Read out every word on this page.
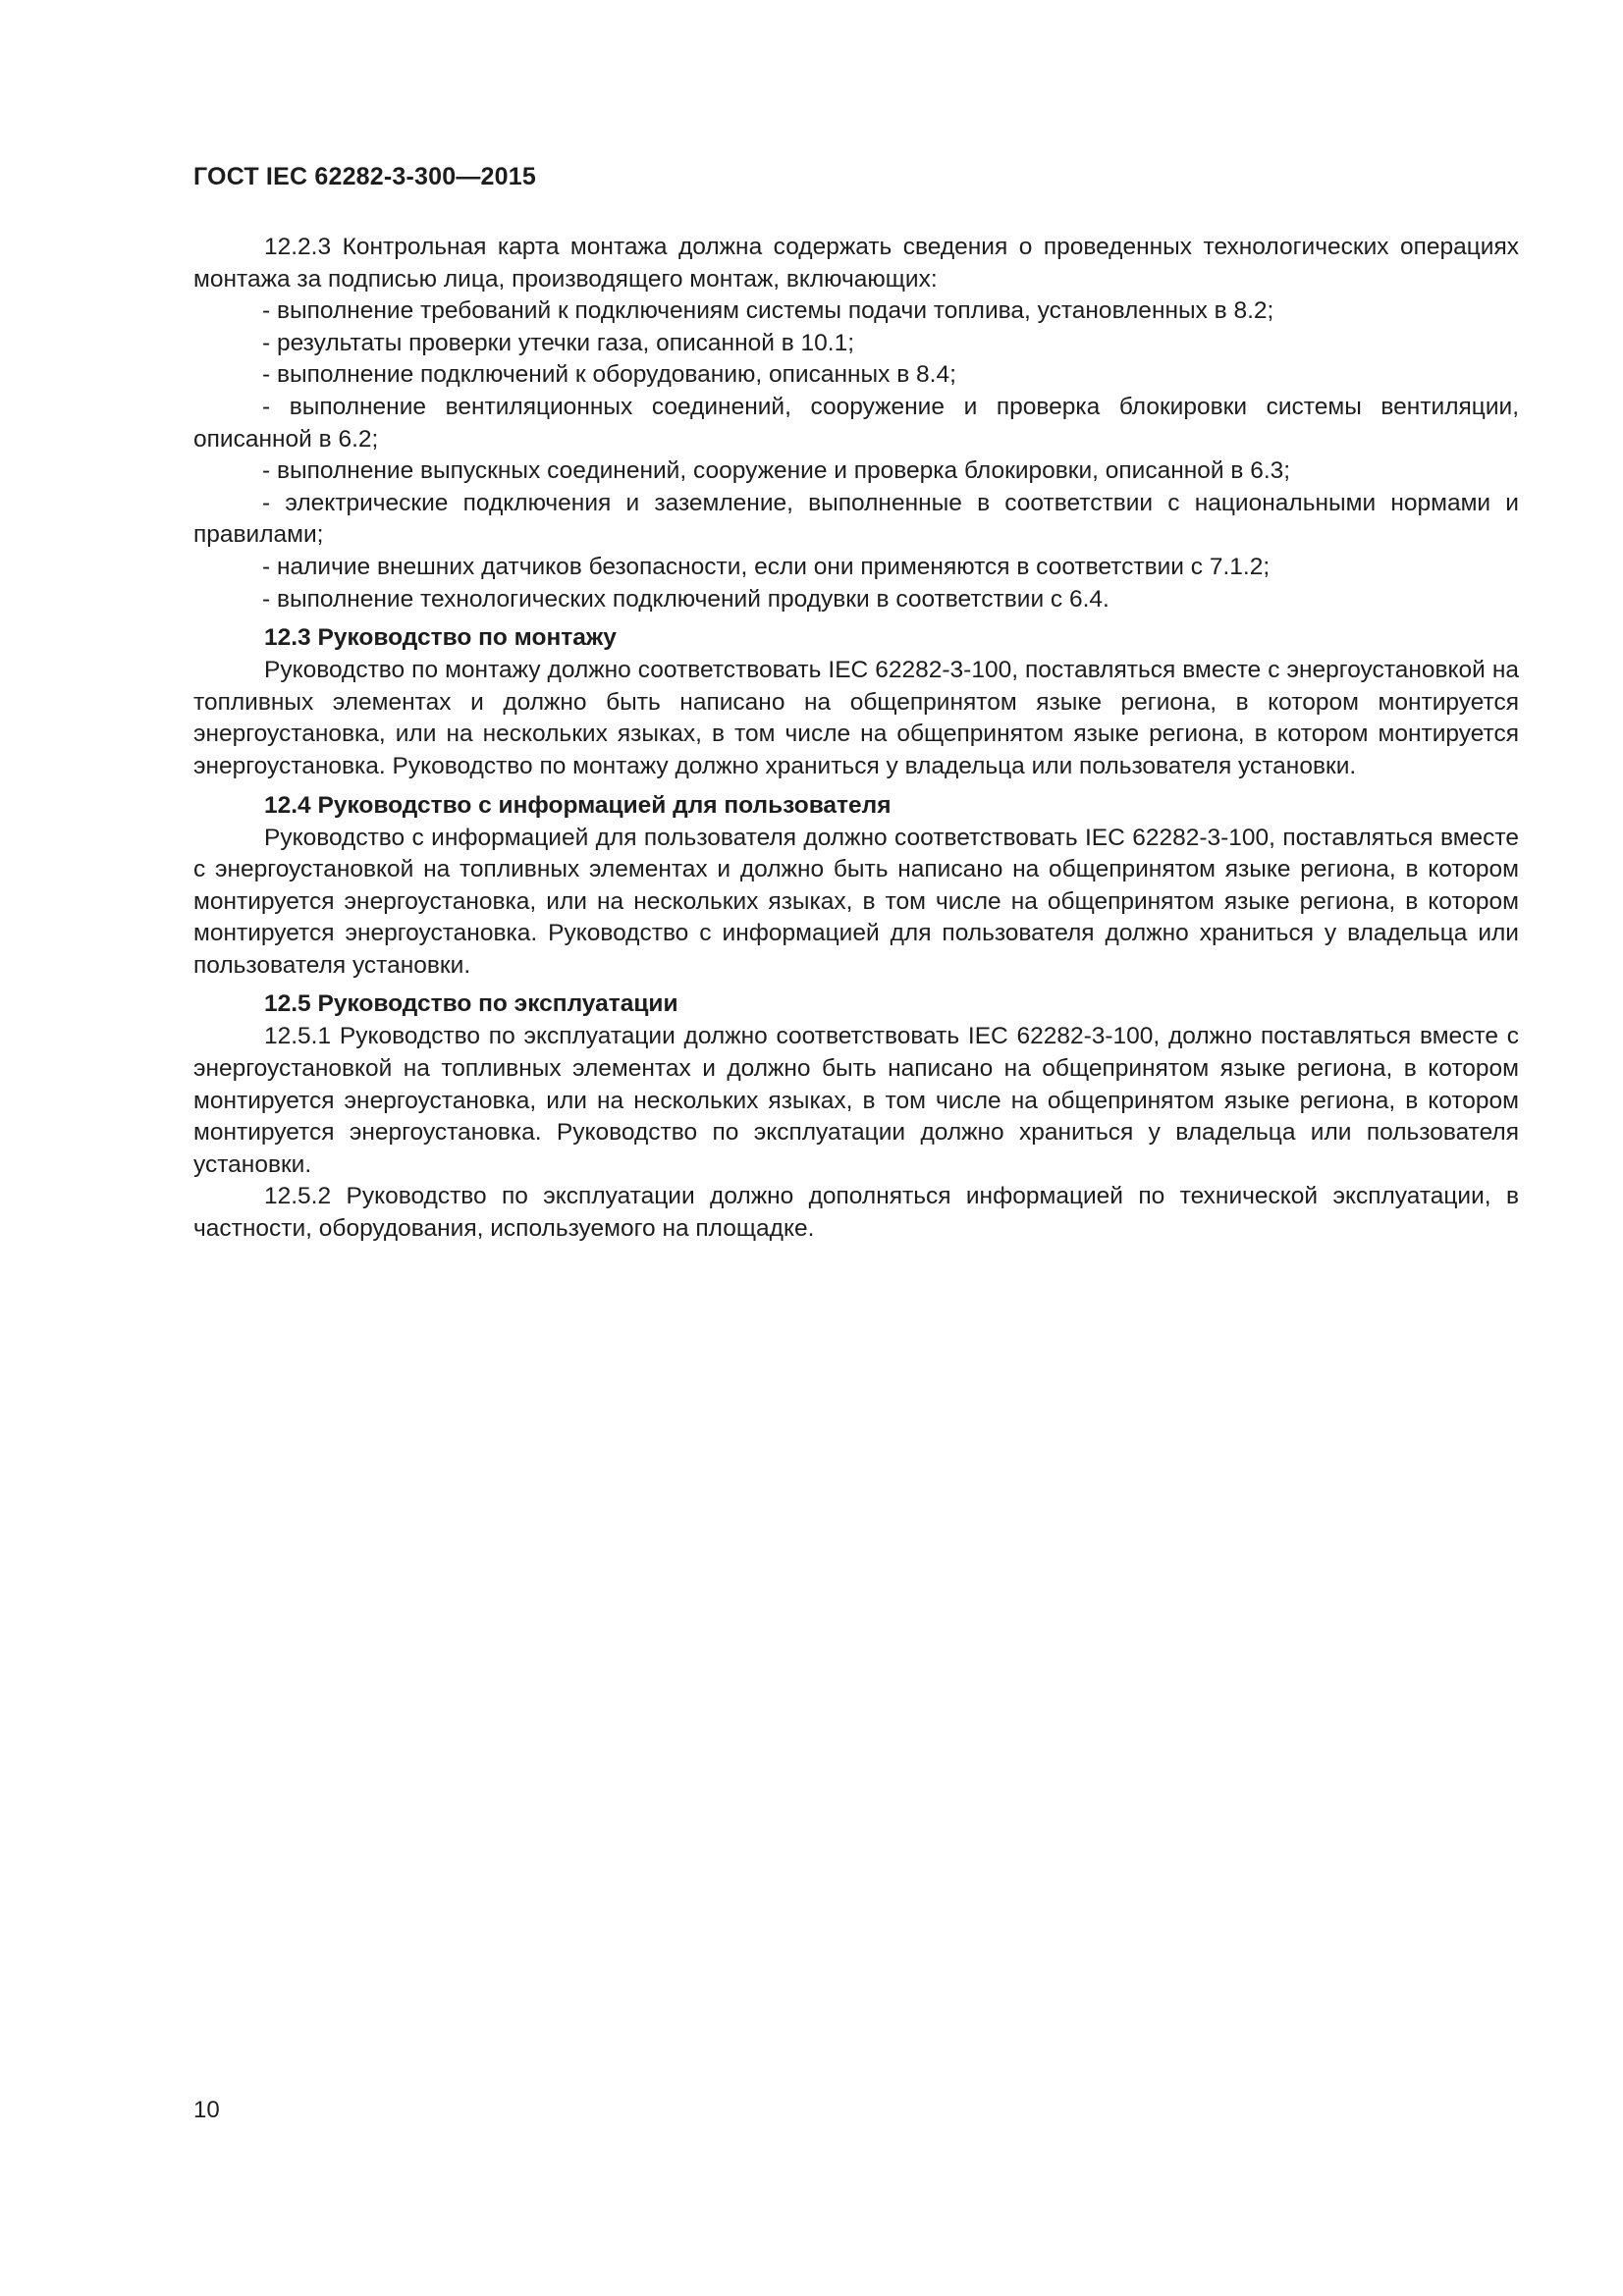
ГОСТ IEC 62282-3-300—2015

12.2.3 Контрольная карта монтажа должна содержать сведения о проведенных технологических операциях монтажа за подписью лица, производящего монтаж, включающих:

- выполнение требований к подключениям системы подачи топлива, установленных в 8.2;

- результаты проверки утечки газа, описанной в 10.1;

- выполнение подключений к оборудованию, описанных в 8.4;

- выполнение вентиляционных соединений, сооружение и проверка блокировки системы вентиляции, описанной в 6.2;

- выполнение выпускных соединений, сооружение и проверка блокировки, описанной в 6.3;

- электрические подключения и заземление, выполненные в соответствии с национальными нормами и правилами;

- наличие внешних датчиков безопасности, если они применяются в соответствии с 7.1.2;

- выполнение технологических подключений продувки в соответствии с 6.4.

12.3 Руководство по монтажу

Руководство по монтажу должно соответствовать IEC 62282-3-100, поставляться вместе с энергоустановкой на топливных элементах и должно быть написано на общепринятом языке региона, в котором монтируется энергоустановка, или на нескольких языках, в том числе на общепринятом языке региона, в котором монтируется энергоустановка. Руководство по монтажу должно храниться у владельца или пользователя установки.

12.4 Руководство с информацией для пользователя

Руководство с информацией для пользователя должно соответствовать IEC 62282-3-100, поставляться вместе с энергоустановкой на топливных элементах и должно быть написано на общепринятом языке региона, в котором монтируется энергоустановка, или на нескольких языках, в том числе на общепринятом языке региона, в котором монтируется энергоустановка. Руководство с информацией для пользователя должно храниться у владельца или пользователя установки.

12.5 Руководство по эксплуатации

12.5.1 Руководство по эксплуатации должно соответствовать IEC 62282-3-100, должно поставляться вместе с энергоустановкой на топливных элементах и должно быть написано на общепринятом языке региона, в котором монтируется энергоустановка, или на нескольких языках, в том числе на общепринятом языке региона, в котором монтируется энергоустановка. Руководство по эксплуатации должно храниться у владельца или пользователя установки.

12.5.2 Руководство по эксплуатации должно дополняться информацией по технической эксплуатации, в частности, оборудования, используемого на площадке.

10
